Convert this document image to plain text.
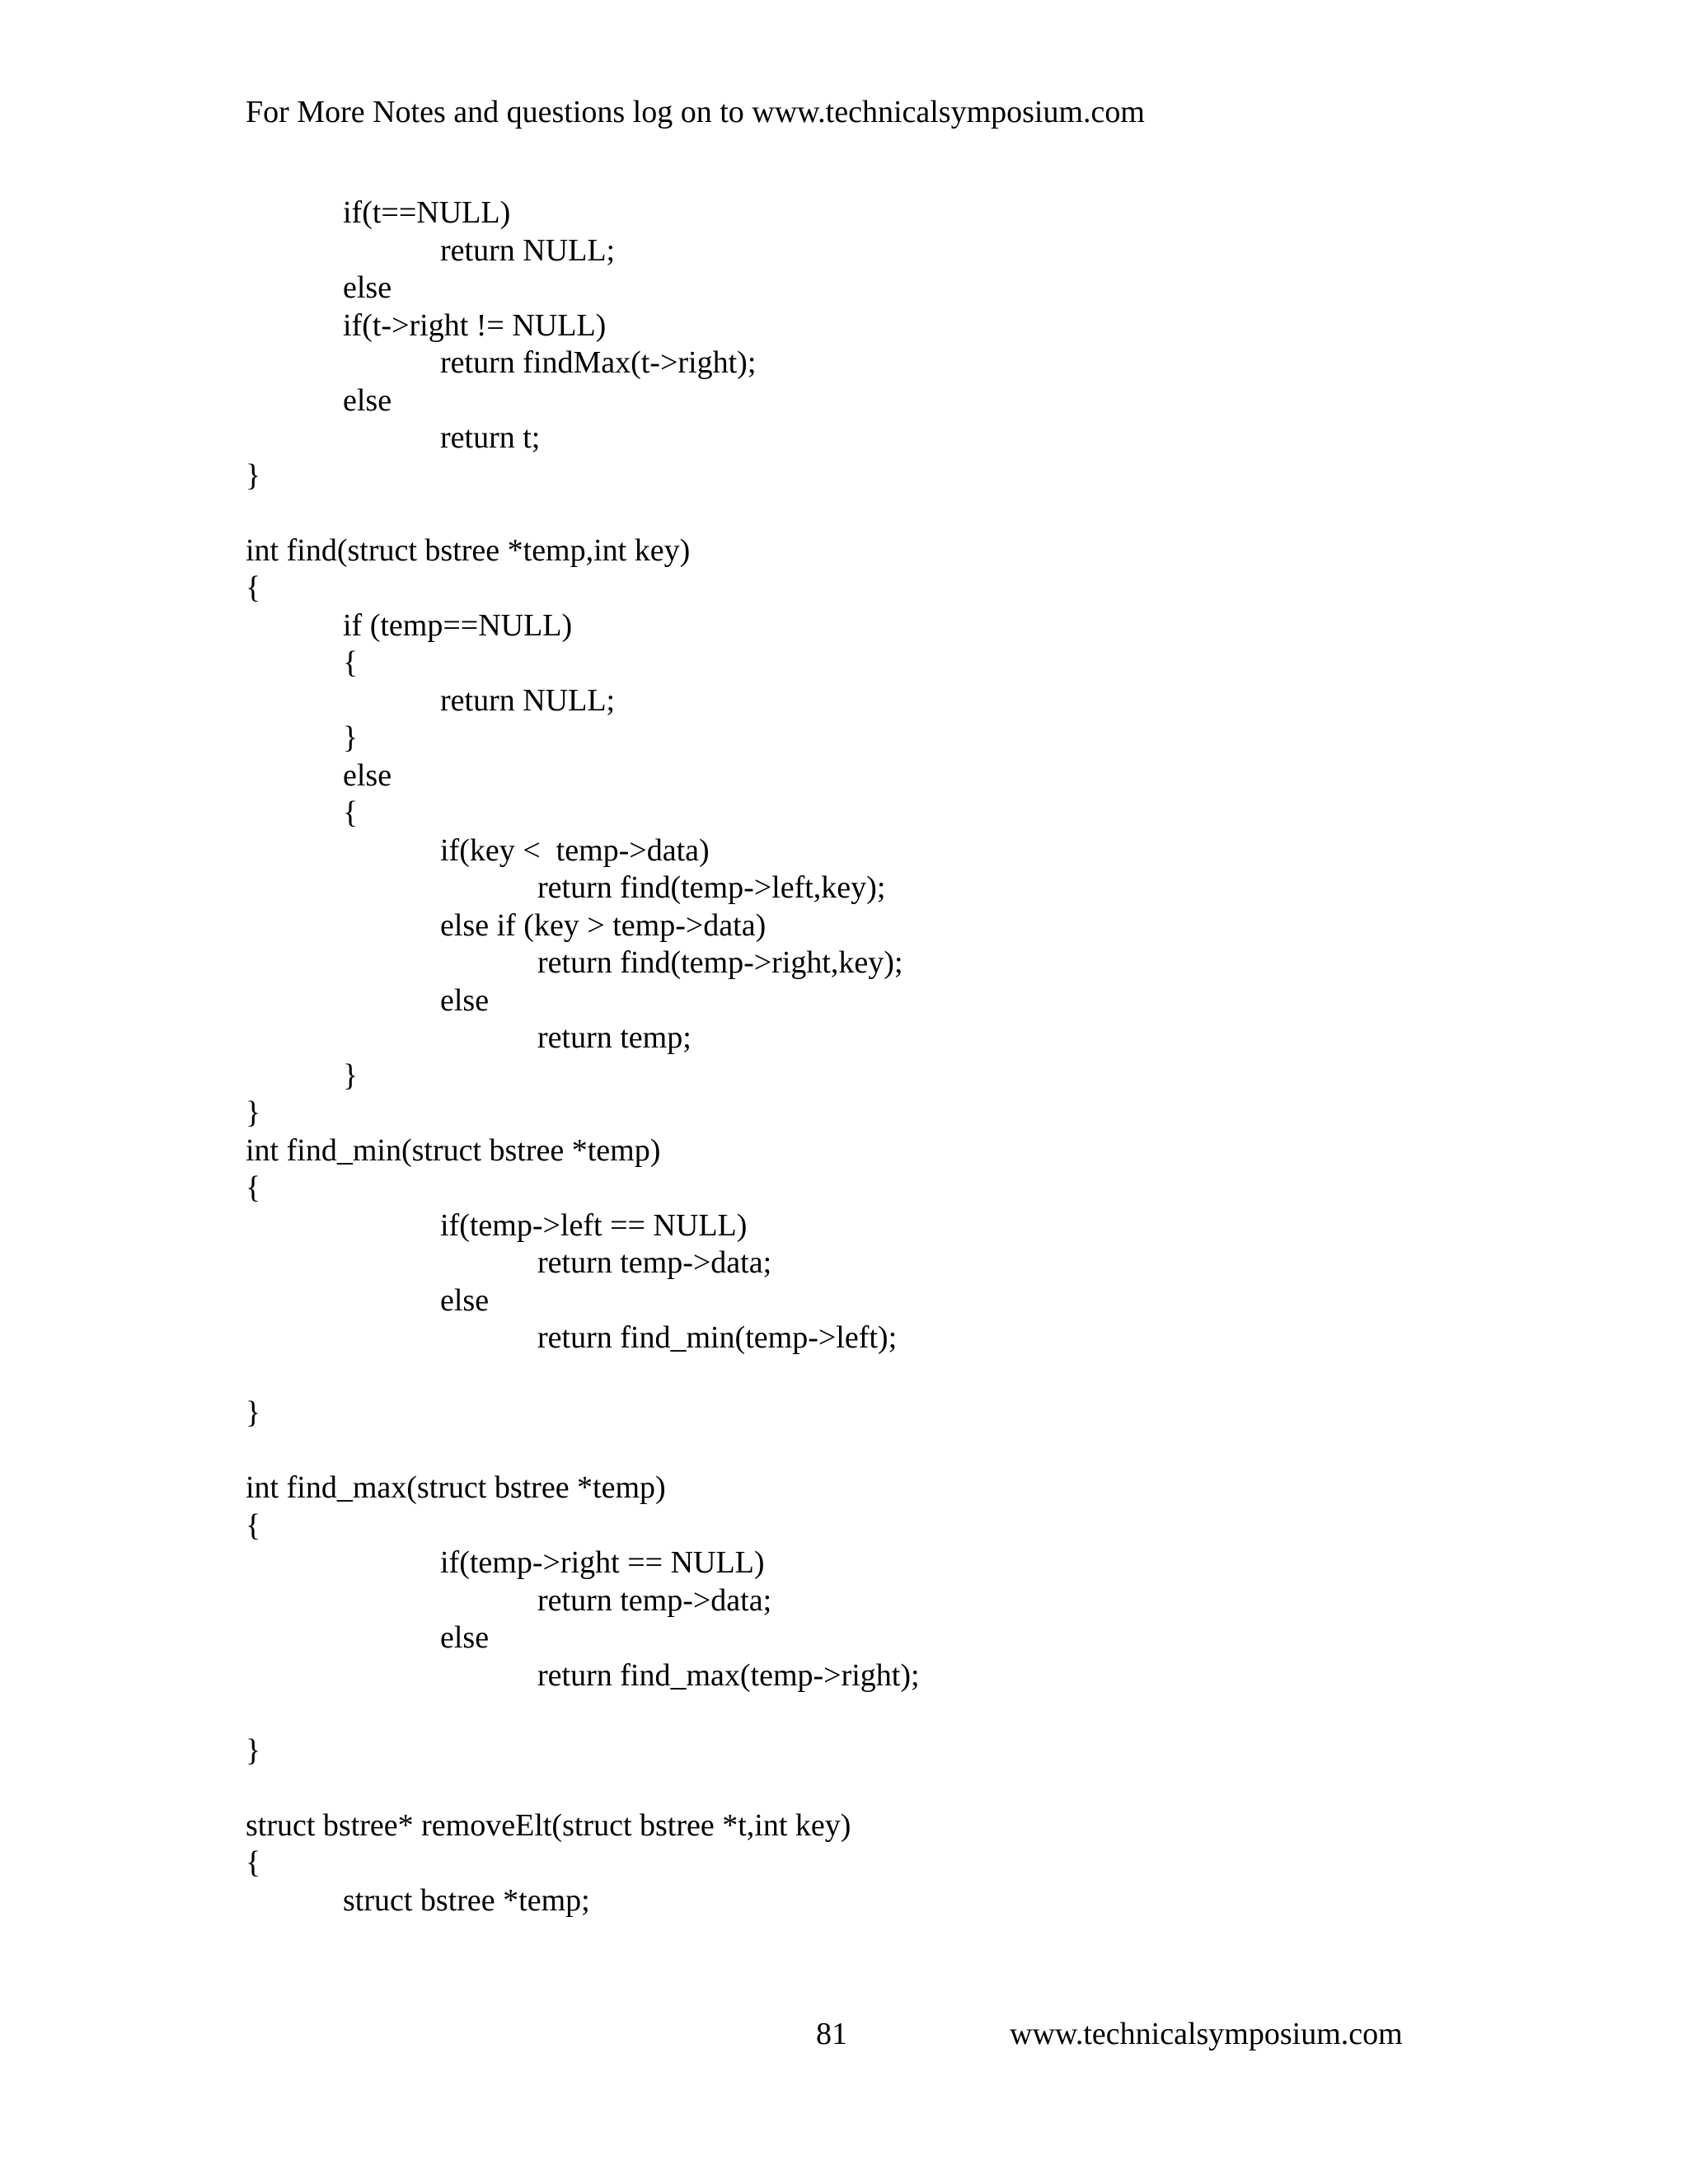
For More Notes and questions log on to www.technicalsymposium.com
if(t==NULL)
return NULL;
else
if(t->right != NULL)
return findMax(t->right);
else
return t;
}
int find(struct bstree *temp,int key)
{
if (temp==NULL)
{
return NULL;
}
else
{
if(key <  temp->data)
return find(temp->left,key);
else if (key > temp->data)
return find(temp->right,key);
else
return temp;
}
}
int find_min(struct bstree *temp)
{
if(temp->left == NULL)
return temp->data;
else
return find_min(temp->left);
}
int find_max(struct bstree *temp)
{
if(temp->right == NULL)
return temp->data;
else
return find_max(temp->right);
}
struct bstree* removeElt(struct bstree *t,int key)
{
struct bstree *temp;
81	www.technicalsymposium.com
